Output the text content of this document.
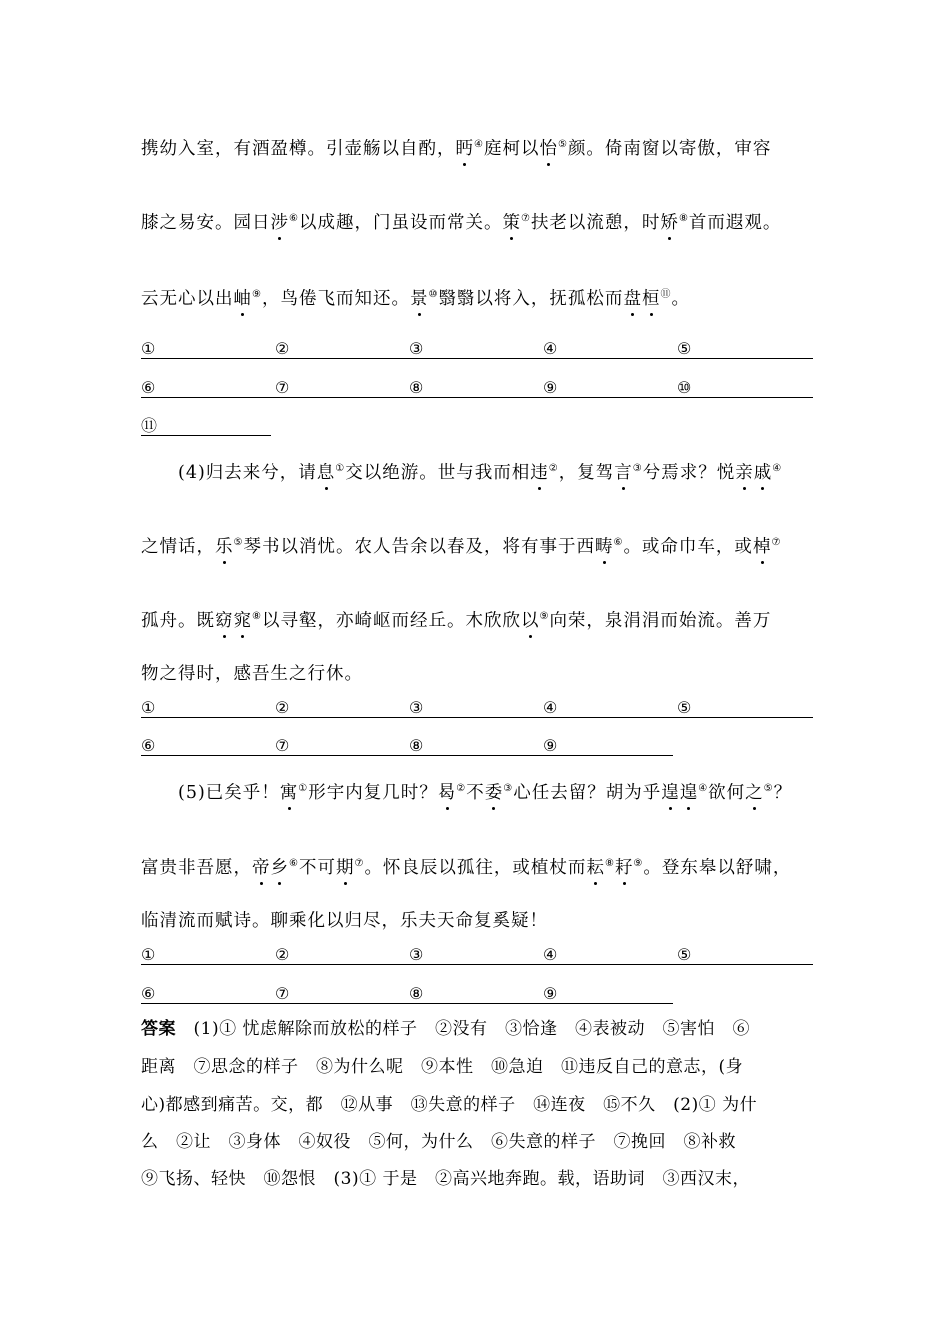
携幼入室，有酒盈樽。引壶觞以自酌，眄④庭柯以怡⑤颜。倚南窗以寄傲，审容
膝之易安。园日涉⑥以成趣，门虽设而常关。策⑦扶老以流憩，时矫⑧首而遐观。
云无心以出岫⑨，鸟倦飞而知还。景⑩翳翳以将入，抚孤松而盘桓⑪。
①	②	③	④	⑤
⑥	⑦	⑧	⑨	⑩
⑪
(4)归去来兮，请息①交以绝游。世与我而相违②，复驾言③兮焉求？悦亲戚④
之情话，乐⑤琴书以消忧。农人告余以春及，将有事于西畴⑥。或命巾车，或棹⑦
孤舟。既窈窕⑧以寻壑，亦崎岖而经丘。木欣欣以⑨向荣，泉涓涓而始流。善万
物之得时，感吾生之行休。
①	②	③	④	⑤
⑥	⑦	⑧	⑨
(5)已矣乎！寓①形宇内复几时？曷②不委③心任去留？胡为乎遑遑④欲何之⑤？
富贵非吾愿，帝乡⑥不可期⑦。怀良辰以孤往，或植杖而耘⑧耔⑨。登东皋以舒啸，
临清流而赋诗。聊乘化以归尽，乐夫天命复奚疑！
①	②	③	④	⑤
⑥	⑦	⑧	⑨
答案　(1)① 忧虑解除而放松的样子　②没有　③恰逢　④表被动　⑤害怕　⑥
距离　⑦思念的样子　⑧为什么呢　⑨本性　⑩急迫　⑪违反自己的意志，(身
心)都感到痛苦。交，都　⑫从事　⑬失意的样子　⑭连夜　⑮不久　(2)① 为什
么　②让　③身体　④奴役　⑤何，为什么　⑥失意的样子　⑦挽回　⑧补救
⑨飞扬、轻快　⑩怨恨　(3)① 于是　②高兴地奔跑。载，语助词　③西汉末，
